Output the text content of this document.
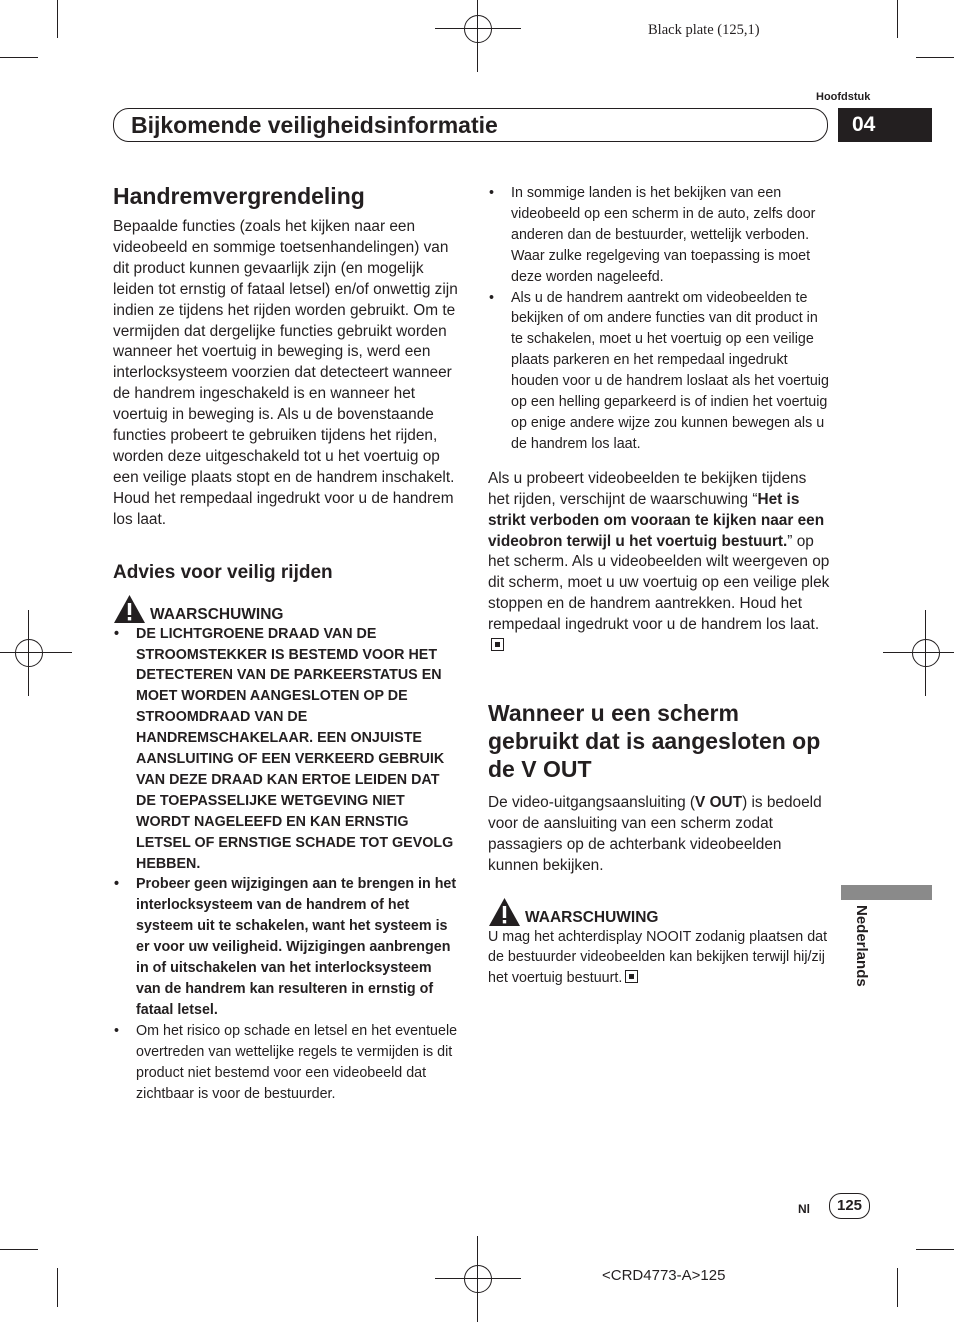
Black plate (125,1)
Hoofdstuk
Bijkomende veiligheidsinformatie	04
Handremvergrendeling
Bepaalde functies (zoals het kijken naar een videobeeld en sommige toetsenhandelingen) van dit product kunnen gevaarlijk zijn (en mogelijk leiden tot ernstig of fataal letsel) en/of onwettig zijn indien ze tijdens het rijden worden gebruikt. Om te vermijden dat dergelijke functies gebruikt worden wanneer het voertuig in beweging is, werd een interlocksysteem voorzien dat detecteert wanneer de handrem ingeschakeld is en wanneer het voertuig in beweging is. Als u de bovenstaande functies probeert te gebruiken tijdens het rijden, worden deze uitgeschakeld tot u het voertuig op een veilige plaats stopt en de handrem inschakelt. Houd het rempedaal ingedrukt voor u de handrem los laat.
Advies voor veilig rijden
WAARSCHUWING
• DE LICHTGROENE DRAAD VAN DE STROOMSTEKKER IS BESTEMD VOOR HET DETECTEREN VAN DE PARKEERSTATUS EN MOET WORDEN AANGESLOTEN OP DE STROOMDRAAD VAN DE HANDREMSCHAKELAAR. EEN ONJUISTE AANSLUITING OF EEN VERKEERD GEBRUIK VAN DEZE DRAAD KAN ERTOE LEIDEN DAT DE TOEPASSELIJKE WETGEVING NIET WORDT NAGELEEFD EN KAN ERNSTIG LETSEL OF ERNSTIGE SCHADE TOT GEVOLG HEBBEN.
• Probeer geen wijzigingen aan te brengen in het interlocksysteem van de handrem of het systeem uit te schakelen, want het systeem is er voor uw veiligheid. Wijzigingen aanbrengen in of uitschakelen van het interlocksysteem van de handrem kan resulteren in ernstig of fataal letsel.
• Om het risico op schade en letsel en het eventuele overtreden van wettelijke regels te vermijden is dit product niet bestemd voor een videobeeld dat zichtbaar is voor de bestuurder.
• In sommige landen is het bekijken van een videobeeld op een scherm in de auto, zelfs door anderen dan de bestuurder, wettelijk verboden. Waar zulke regelgeving van toepassing is moet deze worden nageleefd.
• Als u de handrem aantrekt om videobeelden te bekijken of om andere functies van dit product in te schakelen, moet u het voertuig op een veilige plaats parkeren en het rempedaal ingedrukt houden voor u de handrem loslaat als het voertuig op een helling geparkeerd is of indien het voertuig op enige andere wijze zou kunnen bewegen als u de handrem los laat.
Als u probeert videobeelden te bekijken tijdens het rijden, verschijnt de waarschuwing “Het is strikt verboden om vooraan te kijken naar een videobron terwijl u het voertuig bestuurt.” op het scherm. Als u videobeelden wilt weergeven op dit scherm, moet u uw voertuig op een veilige plek stoppen en de handrem aantrekken. Houd het rempedaal ingedrukt voor u de handrem los laat.
Wanneer u een scherm gebruikt dat is aangesloten op de V OUT
De video-uitgangsaansluiting (V OUT) is bedoeld voor de aansluiting van een scherm zodat passagiers op de achterbank videobeelden kunnen bekijken.
WAARSCHUWING
U mag het achterdisplay NOOIT zodanig plaatsen dat de bestuurder videobeelden kan bekijken terwijl hij/zij het voertuig bestuurt.	Nederlands
Nl	125
<CRD4773-A>125
